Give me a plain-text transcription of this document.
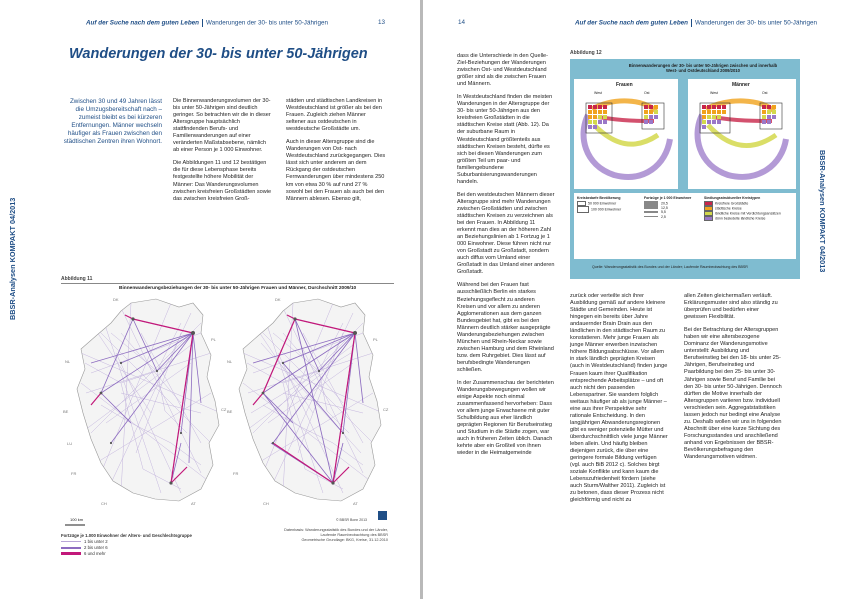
Auf der Suche nach dem guten Leben Wanderungen der 30- bis unter 50-Jährigen	13
BBSR-Analysen KOMPAKT 04/2013
Wanderungen der 30- bis unter 50-Jährigen
Zwischen 30 und 49 Jahren lässt die Umzugsbereitschaft nach – zumeist bleibt es bei kürzeren Entfernungen. Männer wechseln häufiger als Frauen zwischen den städtischen Zentren ihren Wohnort.

Die Binnenwanderungsvolumen der 30- bis unter 50-Jährigen sind deutlich geringer. So betrachten wir die in dieser Altersgruppe hauptsächlich stattfindenden Berufs- und Familienwanderungen auf einer veränderten Maßstabsebene, nämlich ab einer Person je 1 000 Einwohner.

Die Abbildungen 11 und 12 bestätigen die für diese Lebensphase bereits festgestellte höhere Mobilität der Männer: Das Wanderungsvolumen zwischen kreisfreien Großstädten sowie das zwischen kreisfreien Groß-

städten und städtischen Landkreisen in Westdeutschland ist größer als bei den Frauen. Zugleich ziehen Männer seltener aus ostdeutschen in westdeutsche Großstädte um.

Auch in dieser Altersgruppe sind die Wanderungen von Ost- nach Westdeutschland zurückgegangen. Dies lässt sich unter anderem an dem Rückgang der ostdeutschen Fernwanderungen über mindestens 250 km von etwa 30 % auf rund 27 % sowohl bei den Frauen als auch bei den Männern ablesen. Ebenso gilt,

Abbildung 11
Binnenwanderungsbeziehungen der 30- bis unter 50-Jährigen Frauen und Männer, Durchschnitt 2009/10
DK
NL
BE
LU
PL
CZ
AT
CH
FR
DK
NL
BE
PL
CZ
AT
CH
FR
100 km	© BBSR Bonn 2013
Fortzüge je 1.000 Einwohner der Alters- und Geschlechtsgruppe
1 bis unter 2
2 bis unter 6
6 und mehr
Datenbasis: Wanderungsstatistik des Bundes und der Länder,
Laufende Raumbeobachtung des BBSR
Geometrische Grundlage: BKG, Kreise, 31.12.2010
14	Auf der Suche nach dem guten Leben Wanderungen der 30- bis unter 50-Jährigen
BBSR-Analysen KOMPAKT 04/2013

dass die Unterschiede in den Quelle-Ziel-Beziehungen der Wanderungen zwischen Ost- und Westdeutschland größer sind als die zwischen Frauen und Männern.

In Westdeutschland finden die meisten Wanderungen in der Altersgruppe der 30- bis unter 50-Jährigen aus den kreisfreien Großstädten in die städtischen Kreise statt (Abb. 12). Da der suburbane Raum in Westdeutschland größtenteils aus städtischen Kreisen besteht, dürfte es sich bei diesen Wanderungen zum größten Teil um paar- und familiengebundene Suburbanisierungswanderungen handeln.

Bei den westdeutschen Männern dieser Altersgruppe sind mehr Wanderungen zwischen Großstädten und zwischen städtischen Kreisen zu verzeichnen als bei den Frauen. In Abbildung 11 erkennt man dies an der höheren Zahl an Beziehungslinien ab 1 Fortzug je 1 000 Einwohner. Diese führen nicht nur von Großstadt zu Großstadt, sondern auch diffus vom Umland einer Großstadt in das Umland einer anderen Großstadt.

Während bei den Frauen fast ausschließlich Berlin ein starkes Beziehungsgeflecht zu anderen Kreisen und vor allem zu anderen Agglomerationen aus dem ganzen Bundesgebiet hat, gibt es bei den Männern deutlich stärker ausgeprägte Wanderungsbeziehungen zwischen München und Rhein-Neckar sowie zwischen Hamburg und dem Rheinland bzw. dem Ruhrgebiet. Dies lässt auf berufsbedingte Wanderungen schließen.

In der Zusammenschau der berichteten Wanderungsbewegungen wollen wir einige Aspekte noch einmal zusammenfassend hervorheben: Dass vor allem junge Erwachsene mit guter Schulbildung aus eher ländlich geprägten Regionen für Berufseinstieg und Studium in die Städte zogen, war auch in früheren Zeiten üblich. Danach kehrte aber ein Großteil von ihnen wieder in die Heimatgemeinde

zurück oder verteilte sich ihrer Ausbildung gemäß auf andere kleinere Städte und Gemeinden. Heute ist hingegen ein bereits über Jahre andauernder Brain Drain aus den ländlichen in den städtischen Raum zu konstatieren. Mehr junge Frauen als junge Männer erwerben inzwischen höhere Bildungsabschlüsse. Vor allem in stark ländlich geprägten Kreisen (auch in Westdeutschland) finden junge Frauen kaum ihrer Qualifikation entsprechende Arbeitsplätze – und oft auch nicht den passenden Lebenspartner. Sie wandern folglich weitaus häufiger ab als junge Männer – eine aus ihrer Perspektive sehr rationale Entscheidung. In den langjährigen Abwanderungsregionen gibt es weniger potenzielle Mütter und überdurchschnittlich viele junge Männer leben allein. Und häufig bleiben diejenigen zurück, die über eine geringere formale Bildung verfügen (vgl. auch BiB 2012 c). Solches birgt soziale Konflikte und kann kaum die Lebenszufriedenheit fördern (siehe auch Sturm/Walther 2011). Zugleich ist zu betonen, dass dieser Prozess nicht gleichförmig und nicht zu

allen Zeiten gleichermaßen verläuft. Erklärungsmuster sind also ständig zu überprüfen und bedürfen einer gewissen Flexibilität.

Bei der Betrachtung der Altersgruppen haben wir eine altersbezogene Dominanz der Wanderungsmotive unterstellt: Ausbildung und Berufseinstieg bei den 18- bis unter 25-Jährigen, Berufseinstieg und Paarbildung bei den 25- bis unter 30-Jährigen sowie Beruf und Familie bei den 30- bis unter 50-Jährigen. Dennoch dürften die Motive innerhalb der Altersgruppen variieren bzw. individuell verschieden sein. Aggregatstatistiken lassen jedoch nur bedingt eine Analyse zu. Deshalb wollen wir uns in folgenden Abschnitt über eine kurze Sichtung des Forschungsstandes und anschließend anhand von Ergebnissen der BBSR-Bevölkerungsbefragung den Wanderungsmotiven widmen.

Abbildung 12
Binnenwanderungen der 30- bis unter 50-Jährigen zwischen und innerhalb West- und Ostdeutschland 2009/2010
Frauen	Männer
West	Ost	West	Ost
Kreisbedarfe Bevölkerung
50 000 Einwohner
100 000 Einwohner
Fortzüge je 1 000 Einwohner
20,5
12,5
5,5
2,5
Siedlungsstruktureller Kreistypen
Kreisfreie Großstädte
städtische Kreise
ländliche Kreise mit Verdichtungsansätzen
dünn besiedelte ländliche Kreise
Quelle: Wanderungsstatistik des Bundes und der Länder; Laufende Raumbeobachtung des BBSR
